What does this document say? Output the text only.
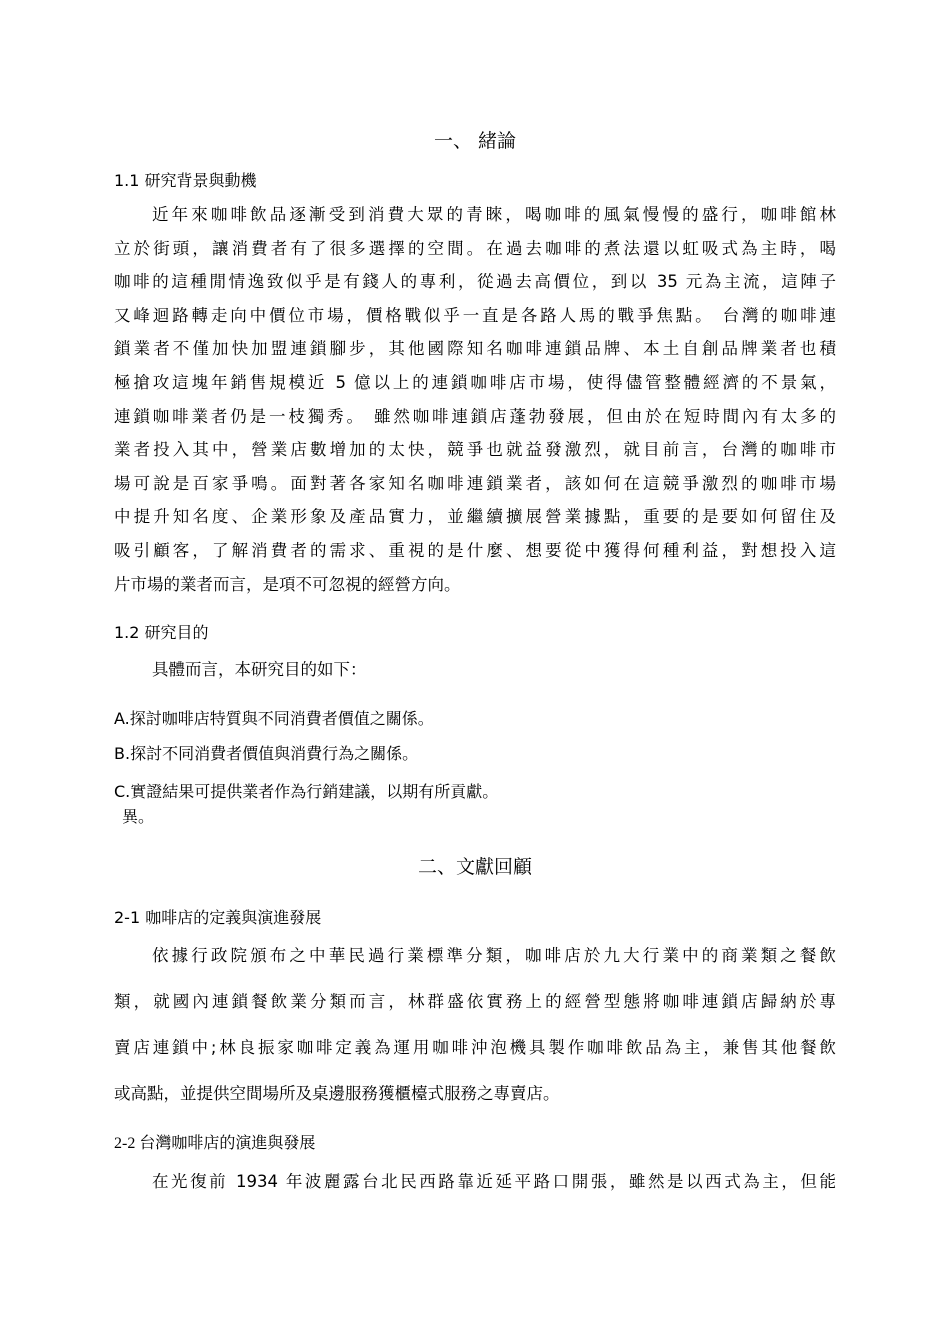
一、 緒論
1.1 研究背景與動機
近年來咖啡飲品逐漸受到消費大眾的青睞，喝咖啡的風氣慢慢的盛行，咖啡館林
立於街頭，讓消費者有了很多選擇的空間。在過去咖啡的煮法還以虹吸式為主時，喝
咖啡的這種閒情逸致似乎是有錢人的專利，從過去高價位，到以 35 元為主流，這陣子
又峰迴路轉走向中價位市場，價格戰似乎一直是各路人馬的戰爭焦點。 台灣的咖啡連
鎖業者不僅加快加盟連鎖腳步，其他國際知名咖啡連鎖品牌、本土自創品牌業者也積
極搶攻這塊年銷售規模近 5 億以上的連鎖咖啡店市場，使得儘管整體經濟的不景氣，
連鎖咖啡業者仍是一枝獨秀。 雖然咖啡連鎖店蓬勃發展，但由於在短時間內有太多的
業者投入其中，營業店數增加的太快，競爭也就益發激烈，就目前言，台灣的咖啡市
場可說是百家爭鳴。面對著各家知名咖啡連鎖業者，該如何在這競爭激烈的咖啡市場
中提升知名度、企業形象及產品實力，並繼續擴展營業據點，重要的是要如何留住及
吸引顧客，了解消費者的需求、重視的是什麼、想要從中獲得何種利益，對想投入這
片市場的業者而言，是項不可忽視的經營方向。
1.2 研究目的
具體而言，本研究目的如下：
A.探討咖啡店特質與不同消費者價值之關係。
B.探討不同消費者價值與消費行為之關係。
C.實證結果可提供業者作為行銷建議，以期有所貢獻。
異。
二、文獻回顧
2-1 咖啡店的定義與演進發展
依據行政院頒布之中華民過行業標準分類，咖啡店於九大行業中的商業類之餐飲
類，就國內連鎖餐飲業分類而言，林群盛依實務上的經營型態將咖啡連鎖店歸納於專
賣店連鎖中;林良振家咖啡定義為運用咖啡沖泡機具製作咖啡飲品為主，兼售其他餐飲
或高點，並提供空間場所及桌邊服務獲櫃檯式服務之專賣店。
2-2 台灣咖啡店的演進與發展
在光復前 1934 年波麗露台北民西路靠近延平路口開張，雖然是以西式為主，但能
